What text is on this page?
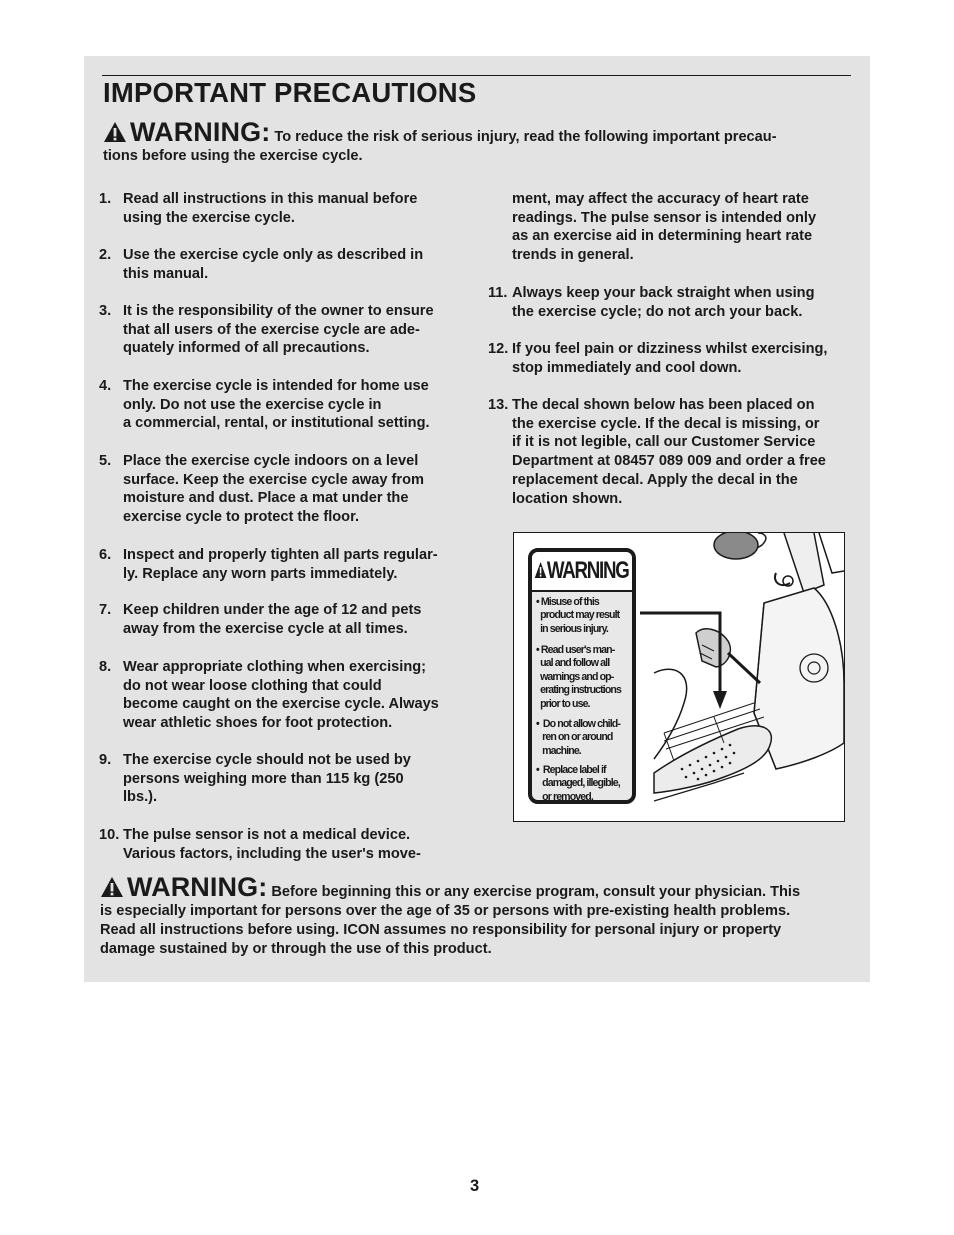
IMPORTANT PRECAUTIONS
WARNING: To reduce the risk of serious injury, read the following important precau-
tions before using the exercise cycle.
1. Read all instructions in this manual before
using the exercise cycle.
2. Use the exercise cycle only as described in
this manual.
3. It is the responsibility of the owner to ensure
that all users of the exercise cycle are ade-
quately informed of all precautions.
4. The exercise cycle is intended for home use
only. Do not use the exercise cycle in
a commercial, rental, or institutional setting.
5. Place the exercise cycle indoors on a level
surface. Keep the exercise cycle away from
moisture and dust. Place a mat under the
exercise cycle to protect the floor.
6. Inspect and properly tighten all parts regular-
ly. Replace any worn parts immediately.
7. Keep children under the age of 12 and pets
away from the exercise cycle at all times.
8. Wear appropriate clothing when exercising;
do not wear loose clothing that could
become caught on the exercise cycle. Always
wear athletic shoes for foot protection.
9. The exercise cycle should not be used by
persons weighing more than 115 kg (250
lbs.).
10. The pulse sensor is not a medical device.
Various factors, including the user's move-
ment, may affect the accuracy of heart rate
readings. The pulse sensor is intended only
as an exercise aid in determining heart rate
trends in general.
11. Always keep your back straight when using
the exercise cycle; do not arch your back.
12. If you feel pain or dizziness whilst exercising,
stop immediately and cool down.
13. The decal shown below has been placed on
the exercise cycle. If the decal is missing, or
if it is not legible, call our Customer Service
Department at 08457 089 009 and order a free
replacement decal. Apply the decal in the
location shown.
WARNING
• Misuse of this
product may result
in serious injury.
• Read user's man-
ual and follow all
warnings and op-
erating instructions
prior to use.
•  Do not allow child-
ren on or around
machine.
•  Replace label if
damaged, illegible,
or removed.
WARNING: Before beginning this or any exercise program, consult your physician. This
is especially important for persons over the age of 35 or persons with pre-existing health problems.
Read all instructions before using. ICON assumes no responsibility for personal injury or property
damage sustained by or through the use of this product.
3
